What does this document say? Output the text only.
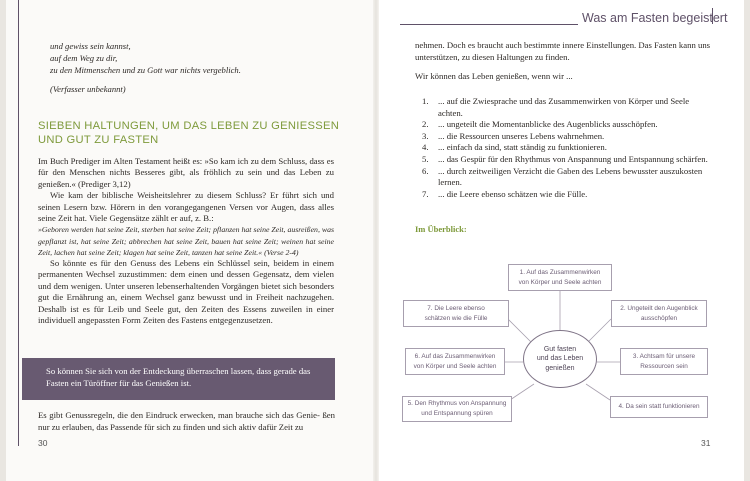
Was am Fasten begeistert
und gewiss sein kannst,
auf dem Weg zu dir,
zu den Mitmenschen und zu Gott war nichts vergeblich.
(Verfasser unbekannt)
SIEBEN HALTUNGEN, UM DAS LEBEN ZU GENIESSEN
UND GUT ZU FASTEN

Im Buch Prediger im Alten Testament heißt es: »So kam ich zu dem Schluss, dass es für den Menschen nichts Besseres gibt, als fröhlich zu sein und das Leben zu genießen.« (Prediger 3,12)

Wie kam der biblische Weisheitslehrer zu diesem Schluss? Er führt sich und seinen Lesern bzw. Hörern in den vorangegangenen Versen vor Augen, dass alles seine Zeit hat. Viele Gegensätze zählt er auf, z. B.:

»Geboren werden hat seine Zeit, sterben hat seine Zeit; pflanzen hat seine Zeit, ausreißen, was gepflanzt ist, hat seine Zeit; abbrechen hat seine Zeit, bauen hat seine Zeit; weinen hat seine Zeit, lachen hat seine Zeit; klagen hat seine Zeit, tanzen hat seine Zeit.« (Verse 2-4)

So könnte es für den Genuss des Lebens ein Schlüssel sein, beidem in einem permanenten Wechsel zuzustimmen: dem einen und dessen Gegensatz, dem vielen und dem wenigen. Unter unseren lebenserhaltenden Vorgängen bietet sich besonders gut die Ernährung an, einem Wechsel ganz bewusst und in Freiheit nachzugehen. Deshalb ist es für Leib und Seele gut, den Zeiten des Essens zuweilen in einer individuell angepassten Form Zeiten des Fastens entgegenzusetzen.

So können Sie sich von der Entdeckung überraschen lassen, dass gerade das Fasten ein Türöffner für das Genießen ist.
Es gibt Genussregeln, die den Eindruck erwecken, man brauche sich das Genie- ßen nur zu erlauben, das Passende für sich zu finden und sich aktiv dafür Zeit zu
30

nehmen. Doch es braucht auch bestimmte innere Einstellungen. Das Fasten kann uns unterstützen, zu diesen Haltungen zu finden.

Wir können das Leben genießen, wenn wir ...

1. ... auf die Zwiesprache und das Zusammenwirken von Körper und Seele achten.
2. ... ungeteilt die Momentanblicke des Augenblicks ausschöpfen.
3. ... die Ressourcen unseres Lebens wahrnehmen.
4. ... einfach da sind, statt ständig zu funktionieren.
5. ... das Gespür für den Rhythmus von Anspannung und Entspannung schärfen.
6. ... durch zeitweiligen Verzicht die Gaben des Lebens bewusster auszukosten lernen.
7. ... die Leere ebenso schätzen wie die Fülle.
Im Überblick:
1. Auf das Zusammenwirken
von Körper und Seele achten
2. Ungeteilt den Augenblick
ausschöpfen
3. Achtsam für unsere
Ressourcen sein
4. Da sein statt funktionieren
5. Den Rhythmus von Anspannung
und Entspannung spüren
6. Auf das Zusammenwirken
von Körper und Seele achten
7. Die Leere ebenso
schätzen wie die Fülle
Gut fasten
und das Leben
genießen
31
